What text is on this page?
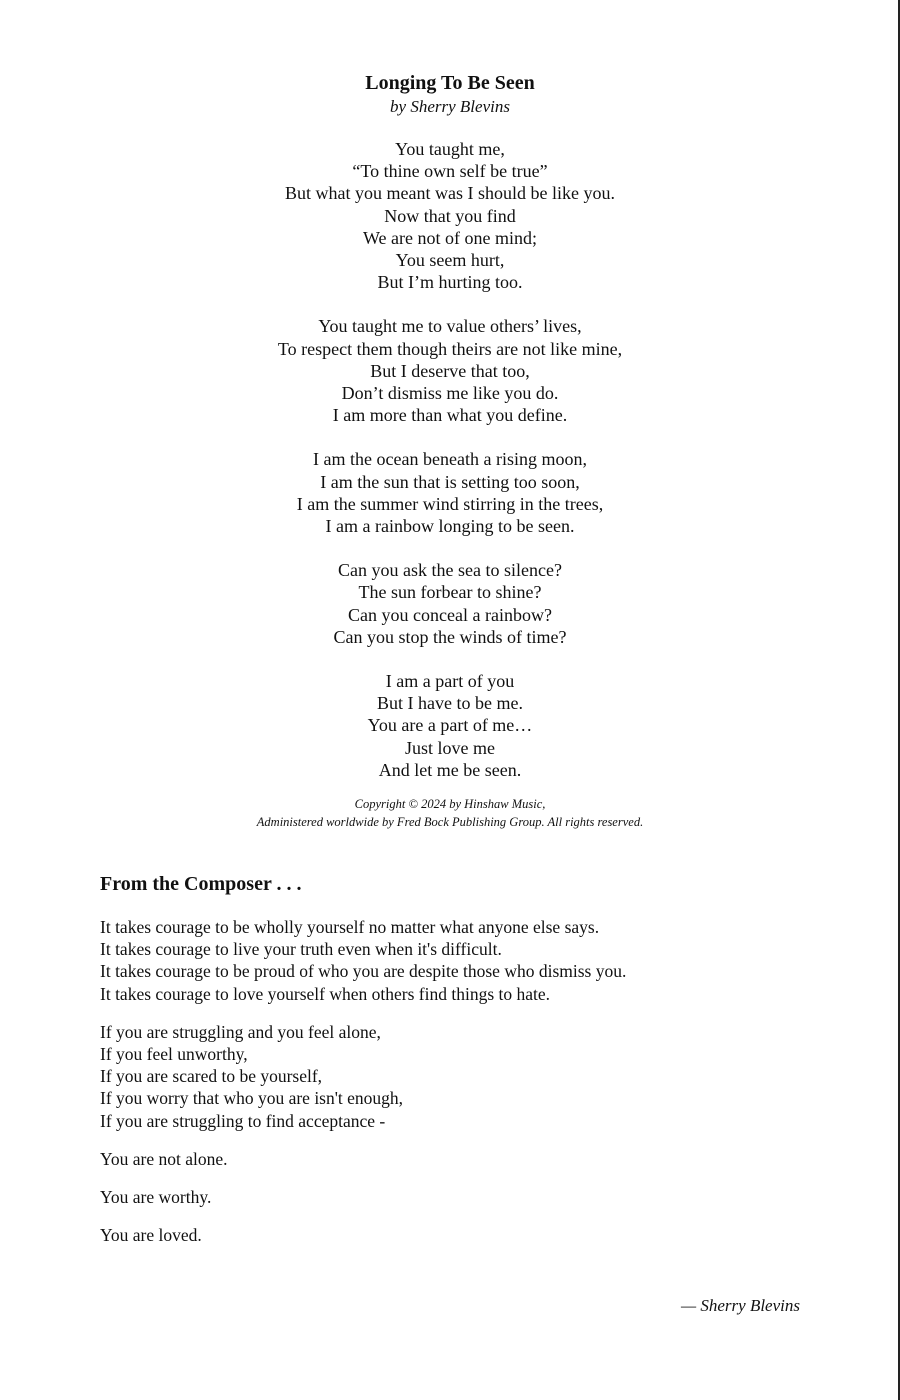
Longing To Be Seen
by Sherry Blevins
You taught me,
“To thine own self be true”
But what you meant was I should be like you.
Now that you find
We are not of one mind;
You seem hurt,
But I’m hurting too.
You taught me to value others’ lives,
To respect them though theirs are not like mine,
But I deserve that too,
Don’t dismiss me like you do.
I am more than what you define.
I am the ocean beneath a rising moon,
I am the sun that is setting too soon,
I am the summer wind stirring in the trees,
I am a rainbow longing to be seen.
Can you ask the sea to silence?
The sun forbear to shine?
Can you conceal a rainbow?
Can you stop the winds of time?
I am a part of you
But I have to be me.
You are a part of me…
Just love me
And let me be seen.
Copyright © 2024 by Hinshaw Music,
Administered worldwide by Fred Bock Publishing Group. All rights reserved.
From the Composer . . .
It takes courage to be wholly yourself no matter what anyone else says.
It takes courage to live your truth even when it's difficult.
It takes courage to be proud of who you are despite those who dismiss you.
It takes courage to love yourself when others find things to hate.
If you are struggling and you feel alone,
If you feel unworthy,
If you are scared to be yourself,
If you worry that who you are isn't enough,
If you are struggling to find acceptance -
You are not alone.
You are worthy.
You are loved.
— Sherry Blevins
